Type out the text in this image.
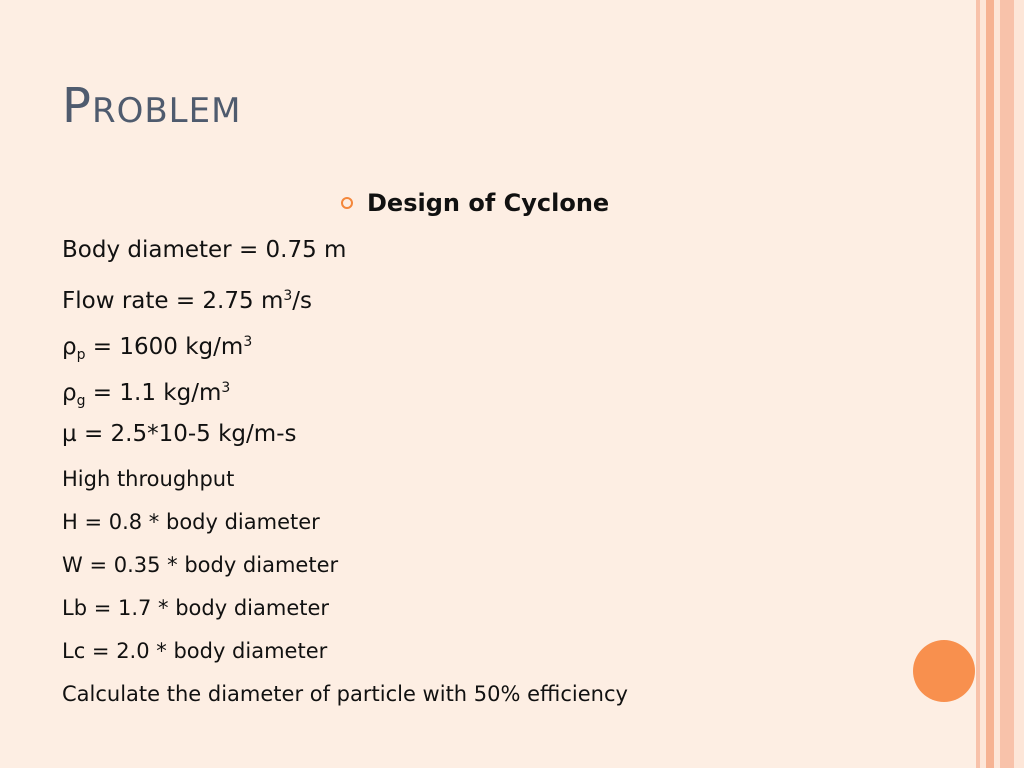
Problem
Design of Cyclone
Body diameter = 0.75 m
Flow rate = 2.75 $m^3/s$
$\rho_p = 1600$ $kg/m^3$
$\rho_g = 1.1$ $kg/m^3$
µ = 2.5*10-5 kg/m-s
High throughput
H = 0.8 * body diameter
W = 0.35 * body diameter
Lb = 1.7 * body diameter
Lc = 2.0 * body diameter
Calculate the diameter of particle with 50% efficiency
